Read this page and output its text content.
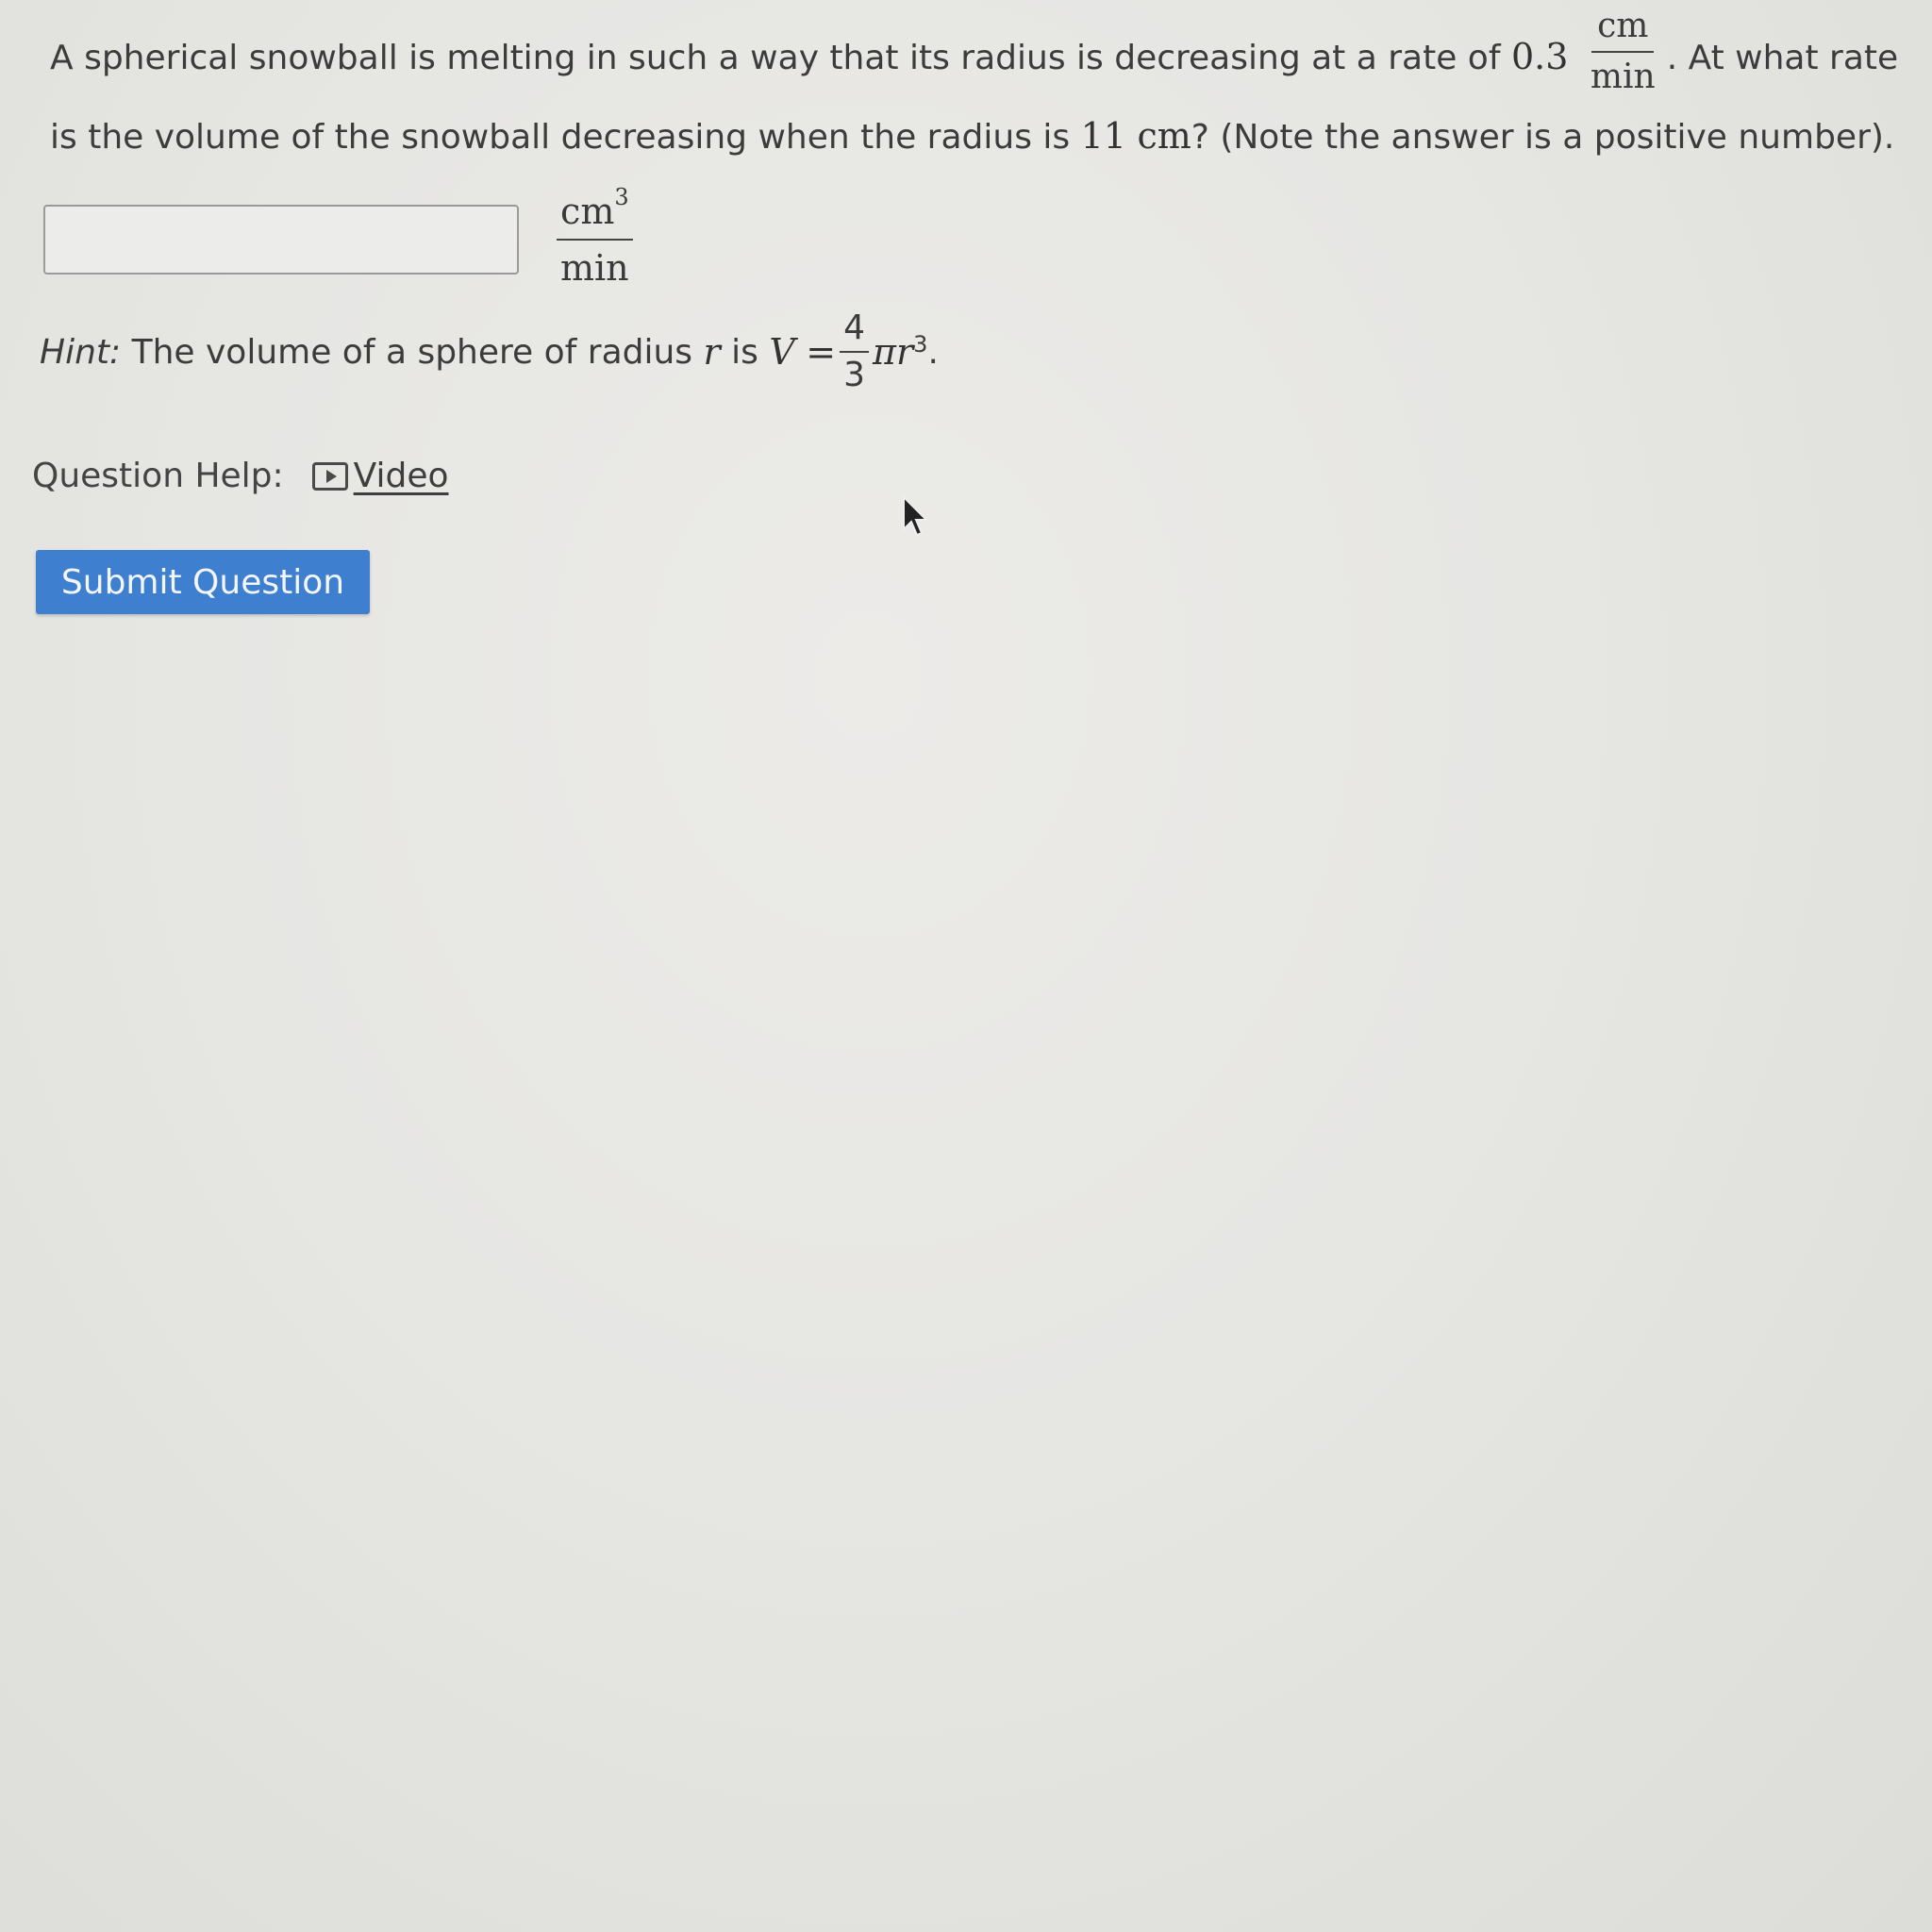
A spherical snowball is melting in such a way that its radius is decreasing at a rate of $0.3 \frac{cm}{\min}$ . At what rate is the volume of the snowball decreasing when the radius is 11 cm? (Note the answer is a positive number).
$\frac{cm^3}{\min}$
Hint:
The volume of a sphere of radius
r
is
V
= $\frac{4}{3} \pi r^3$ .
Question Help: Video
Submit Question
